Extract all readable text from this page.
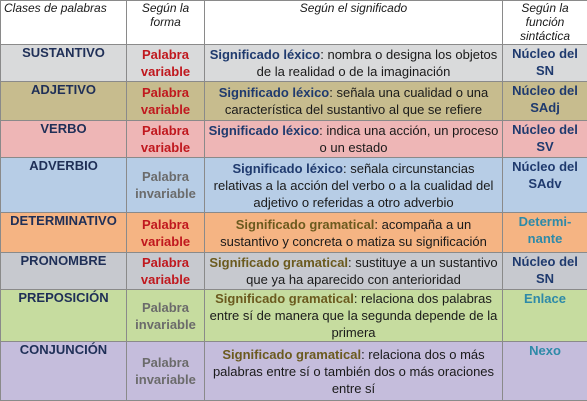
Clases de palabras	Según la forma	Según el significado	Según la función sintáctica
SUSTANTIVO	Palabra variable	Significado léxico: nombra o designa los objetos de la realidad o de la imaginación	Núcleo del SN
ADJETIVO	Palabra variable	Significado léxico: señala una cualidad o una característica del sustantivo al que se refiere	Núcleo del SAdj
VERBO	Palabra variable	Significado léxico: indica una acción, un proceso o un estado	Núcleo del SV
ADVERBIO	Palabra invariable	Significado léxico: señala circunstancias relativas a la acción del verbo o a la cualidad del adjetivo o referidas a otro adverbio	Núcleo del SAdv
DETERMINATIVO	Palabra variable	Significado gramatical: acompaña a un sustantivo y concreta o matiza su significación	Determi-nante
PRONOMBRE	Palabra variable	Significado gramatical: sustituye a un sustantivo que ya ha aparecido con anterioridad	Núcleo del SN
PREPOSICIÓN	Palabra invariable	Significado gramatical: relaciona dos palabras entre sí de manera que la segunda depende de la primera	Enlace
CONJUNCIÓN	Palabra invariable	Significado gramatical: relaciona dos o más palabras entre sí o también dos o más oraciones entre sí	Nexo
